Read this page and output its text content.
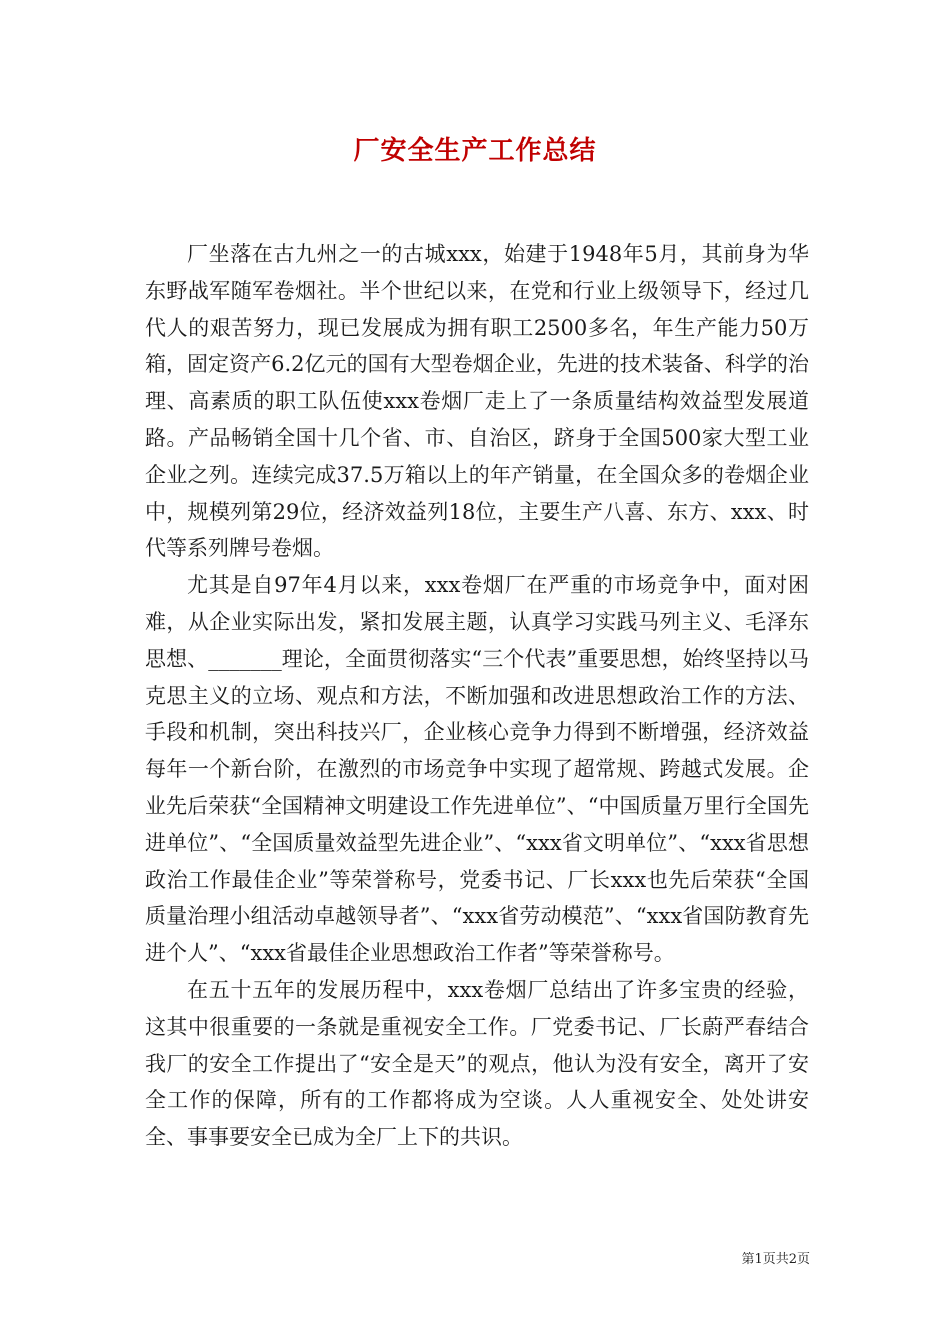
厂安全生产工作总结

厂坐落在古九州之一的古城xxx，始建于1948年5月，其前身为华东野战军随军卷烟社。半个世纪以来，在党和行业上级领导下，经过几代人的艰苦努力，现已发展成为拥有职工2500多名，年生产能力50万箱，固定资产6.2亿元的国有大型卷烟企业，先进的技术装备、科学的治理、高素质的职工队伍使xxx卷烟厂走上了一条质量结构效益型发展道路。产品畅销全国十几个省、市、自治区，跻身于全国500家大型工业企业之列。连续完成37.5万箱以上的年产销量，在全国众多的卷烟企业中，规模列第29位，经济效益列18位，主要生产八喜、东方、xxx、时代等系列牌号卷烟。

尤其是自97年4月以来，xxx卷烟厂在严重的市场竞争中，面对困难，从企业实际出发，紧扣发展主题，认真学习实践马列主义、毛泽东思想、_______理论，全面贯彻落实“三个代表”重要思想，始终坚持以马克思主义的立场、观点和方法，不断加强和改进思想政治工作的方法、手段和机制，突出科技兴厂，企业核心竞争力得到不断增强，经济效益每年一个新台阶，在激烈的市场竞争中实现了超常规、跨越式发展。企业先后荣获“全国精神文明建设工作先进单位”、“中国质量万里行全国先进单位”、“全国质量效益型先进企业”、“xxx省文明单位”、“xxx省思想政治工作最佳企业”等荣誉称号，党委书记、厂长xxx也先后荣获“全国质量治理小组活动卓越领导者”、“xxx省劳动模范”、“xxx省国防教育先进个人”、“xxx省最佳企业思想政治工作者”等荣誉称号。

在五十五年的发展历程中，xxx卷烟厂总结出了许多宝贵的经验，这其中很重要的一条就是重视安全工作。厂党委书记、厂长蔚严春结合我厂的安全工作提出了“安全是天”的观点，他认为没有安全，离开了安全工作的保障，所有的工作都将成为空谈。人人重视安全、处处讲安全、事事要安全已成为全厂上下的共识。

第1页共2页
